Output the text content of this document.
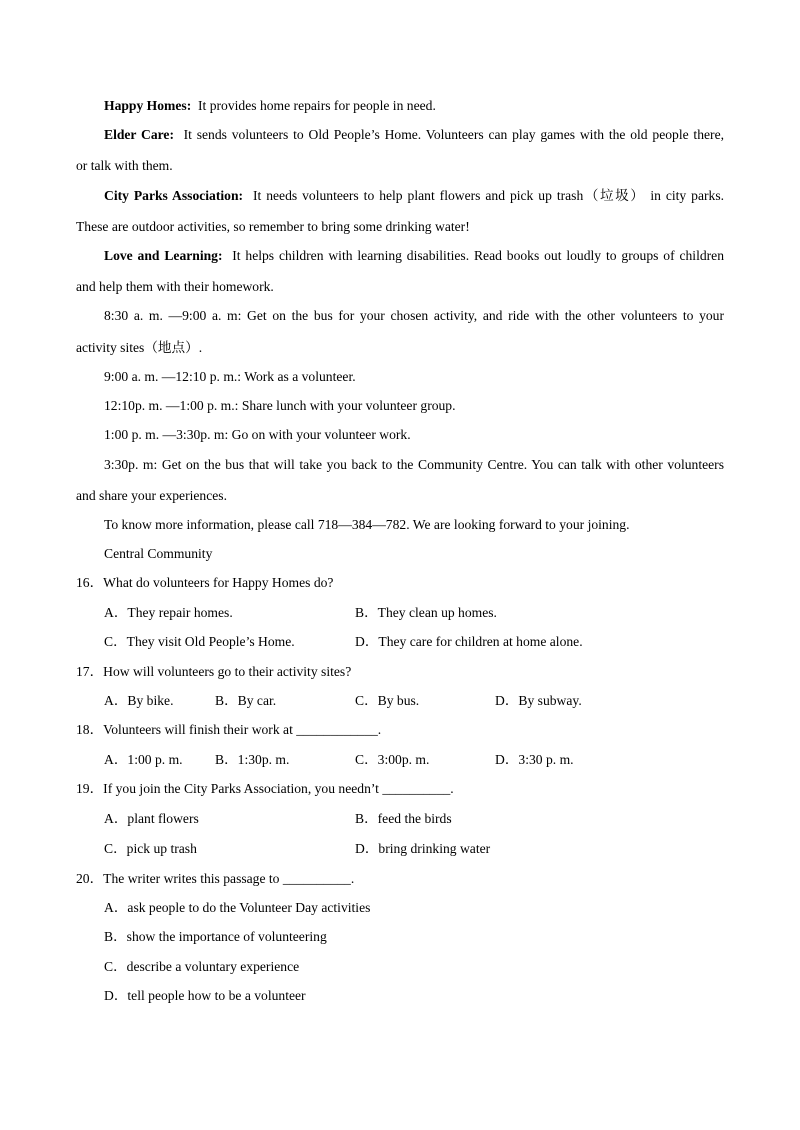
Happy Homes: It provides home repairs for people in need.
Elder Care: It sends volunteers to Old People’s Home. Volunteers can play games with the old people there,
or talk with them.
City Parks Association: It needs volunteers to help plant flowers and pick up trash（垃圾） in city parks.
These are outdoor activities, so remember to bring some drinking water!
Love and Learning: It helps children with learning disabilities. Read books out loudly to groups of children
and help them with their homework.
8:30 a. m. —9:00 a. m: Get on the bus for your chosen activity, and ride with the other volunteers to your
activity sites（地点）.
9:00 a. m. —12:10 p. m.: Work as a volunteer.
12:10p. m. —1:00 p. m.: Share lunch with your volunteer group.
1:00 p. m. —3:30p. m: Go on with your volunteer work.
3:30p. m: Get on the bus that will take you back to the Community Centre. You can talk with other volunteers
and share your experiences.
To know more information, please call 718—384—782. We are looking forward to your joining.
Central Community
16．What do volunteers for Happy Homes do?
A．They repair homes.	B．They clean up homes.
C．They visit Old People’s Home.	D．They care for children at home alone.
17．How will volunteers go to their activity sites?
A．By bike.	B．By car.	C．By bus.	D．By subway.
18．Volunteers will finish their work at ____________.
A．1:00 p. m. B．1:30p. m.	C．3:00p. m.	D．3:30 p. m.
19．If you join the City Parks Association, you needn’t __________.
A．plant flowers	B．feed the birds
C．pick up trash	D．bring drinking water
20．The writer writes this passage to __________.
A．ask people to do the Volunteer Day activities
B．show the importance of volunteering
C．describe a voluntary experience
D．tell people how to be a volunteer
